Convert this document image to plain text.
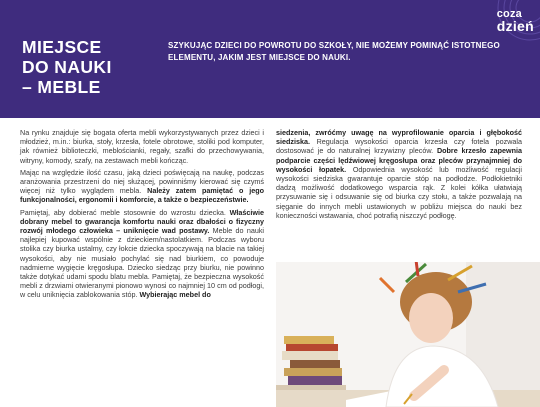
coza
dzień
MIEJSCE
DO NAUKI
– MEBLE
SZYKUJĄC DZIECI DO POWROTU DO SZKOŁY, NIE MOŻEMY POMINĄĆ ISTOTNEGO ELEMENTU, JAKIM JEST MIEJSCE DO NAUKI.

Na rynku znajduje się bogata oferta mebli wykorzystywanych przez dzieci i młodzież, m.in.: biurka, stoły, krzesła, fotele obrotowe, stoliki pod komputer, jak również biblioteczki, meblościanki, regały, szafki do przechowywania, witryny, komody, szafy, na zestawach mebli kończąc.

Mając na względzie ilość czasu, jaką dzieci poświęcają na naukę, podczas aranżowania przestrzeni do niej służącej, powinniśmy kierować się czymś więcej niż tylko wyglądem mebla. Należy zatem pamiętać o jego funkcjonalności, ergonomii i komforcie, a także o bezpieczeństwie.

Pamiętaj, aby dobierać meble stosownie do wzrostu dziecka. Właściwie dobrany mebel to gwarancja komfortu nauki oraz dbałości o fizyczny rozwój młodego człowieka – uniknięcie wad postawy. Meble do nauki najlepiej kupować wspólnie z dzieckiem/nastolatkiem. Podczas wyboru stolika czy biurka ustalmy, czy łokcie dziecka spoczywają na blacie na takiej wysokości, aby nie musiało pochylać się nad biurkiem, co powoduje nadmierne wygięcie kręgosłupa. Dziecko siedząc przy biurku, nie powinno także dotykać udami spodu blatu mebla. Pamiętaj, że bezpieczna wysokość mebli z drzwiami otwieranymi pionowo wynosi co najmniej 10 cm od podłogi, w celu uniknięcia zablokowania stóp. Wybierając mebel do

siedzenia, zwróćmy uwagę na wyprofilowanie oparcia i głębokość siedziska. Regulacja wysokości oparcia krzesła czy fotela pozwala dostosować je do naturalnej krzywizny pleców. Dobre krzesło zapewnia podparcie części lędźwiowej kręgosłupa oraz pleców przynajmniej do wysokości łopatek. Odpowiednia wysokość lub możliwość regulacji wysokości siedziska gwarantuje oparcie stóp na podłodze. Podłokietniki dadzą możliwość dodatkowego wsparcia rąk. Z kolei kółka ułatwiają przysuwanie się i odsuwanie się od biurka czy stołu, a także pozwalają na sięganie do innych mebli ustawionych w pobliżu miejsca do nauki bez konieczności wstawania, choć potrafią niszczyć podłogę.
